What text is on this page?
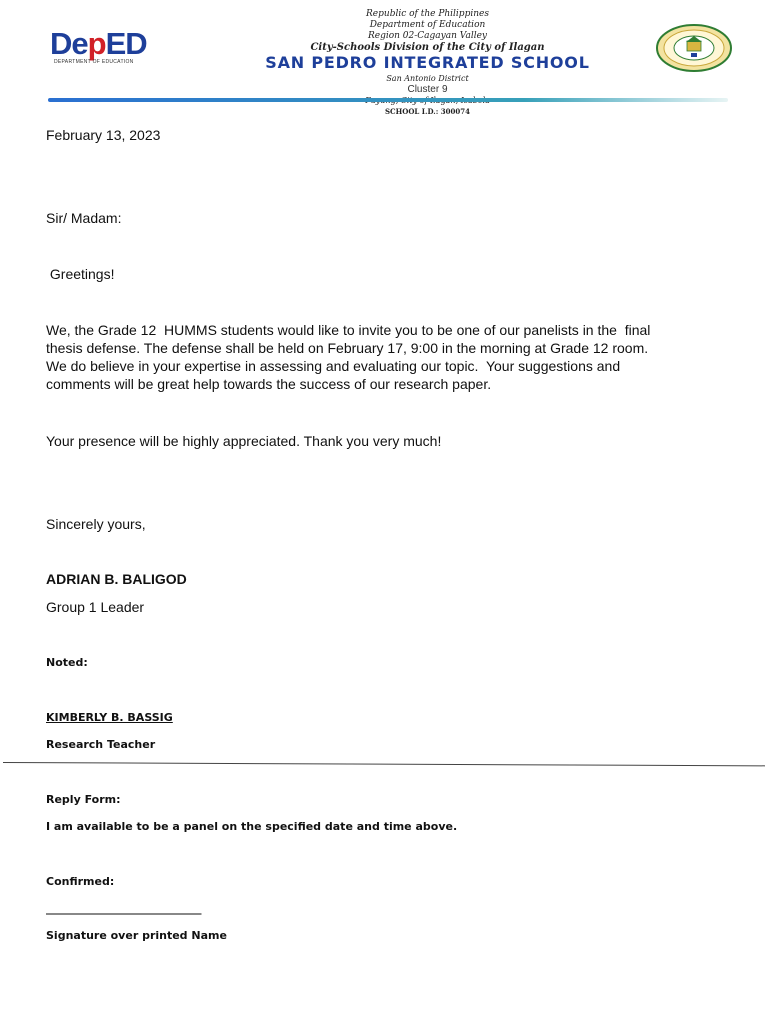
DepED
DEPARTMENT OF EDUCATION
Republic of the Philippines
Department of Education
Region 02-Cagayan Valley
City-Schools Division of the City of Ilagan
SAN PEDRO INTEGRATED SCHOOL
San Antonio District
Cluster 9
SCHOOL I.D.: 300074
February 13, 2023
Sir/ Madam:
Greetings!
We, the Grade 12  HUMMS students would like to invite you to be one of our panelists in the  final
thesis defense. The defense shall be held on February 17, 9:00 in the morning at Grade 12 room.
We do believe in your expertise in assessing and evaluating our topic.  Your suggestions and
comments will be great help towards the success of our research paper.
Your presence will be highly appreciated. Thank you very much!
Sincerely yours,
ADRIAN B. BALIGOD
Group 1 Leader
Noted:
KIMBERLY B. BASSIG
Research Teacher
Reply Form:
I am available to be a panel on the specified date and time above.
Confirmed:
_______________________________
Signature over printed Name
